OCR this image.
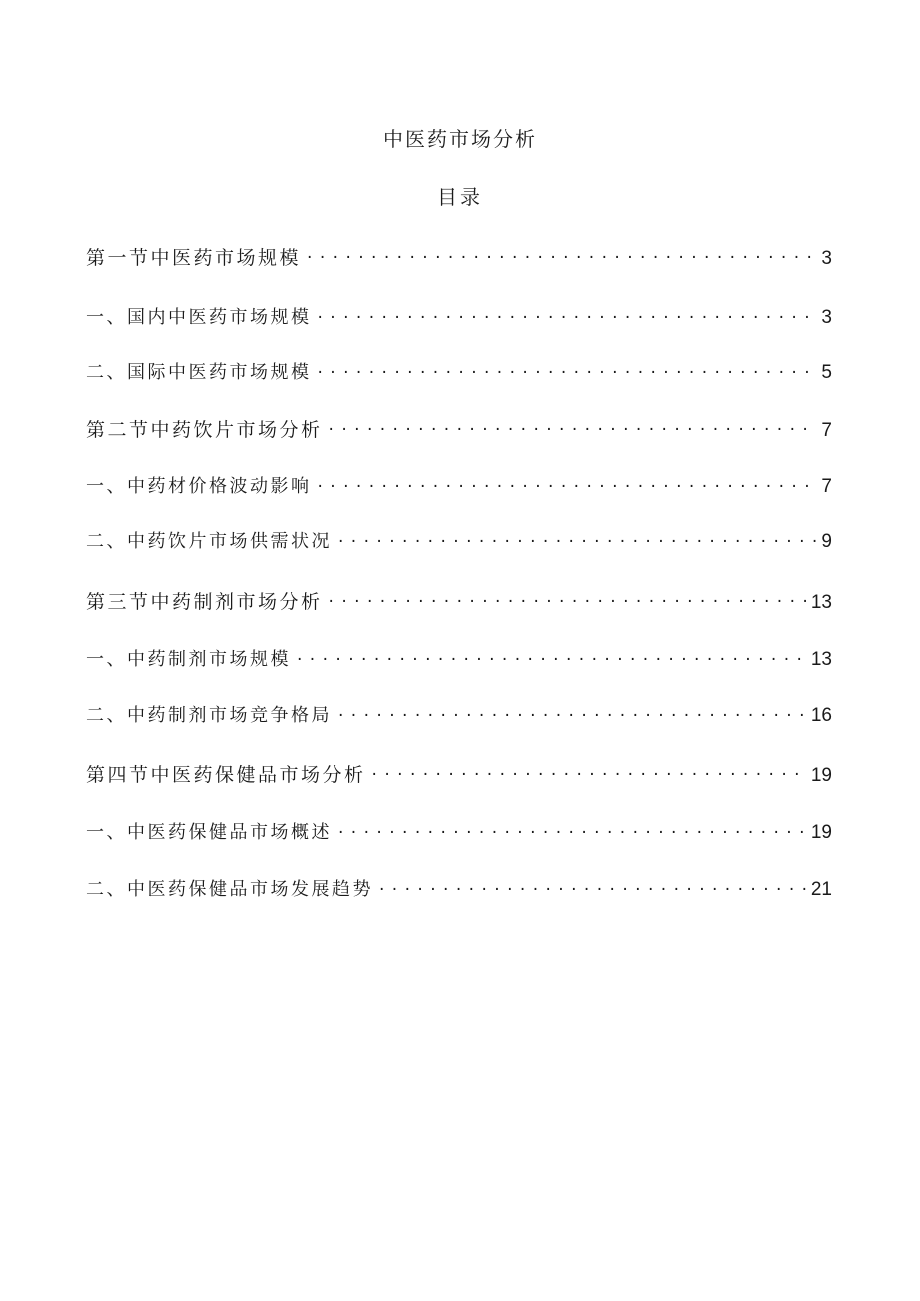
中医药市场分析
目录
第一节中医药市场规模 . . .	3
一、国内中医药市场规模 . . .	3
二、国际中医药市场规模 . . .	5
第二节中药饮片市场分析 . . .	7
一、中药材价格波动影响 . . .	7
二、中药饮片市场供需状况 . . .	9
第三节中药制剂市场分析 . . .	13
一、中药制剂市场规模 . . .	13
二、中药制剂市场竞争格局 . . .	16
第四节中医药保健品市场分析 . . .	19
一、中医药保健品市场概述 . . .	19
二、中医药保健品市场发展趋势 . . .	21
